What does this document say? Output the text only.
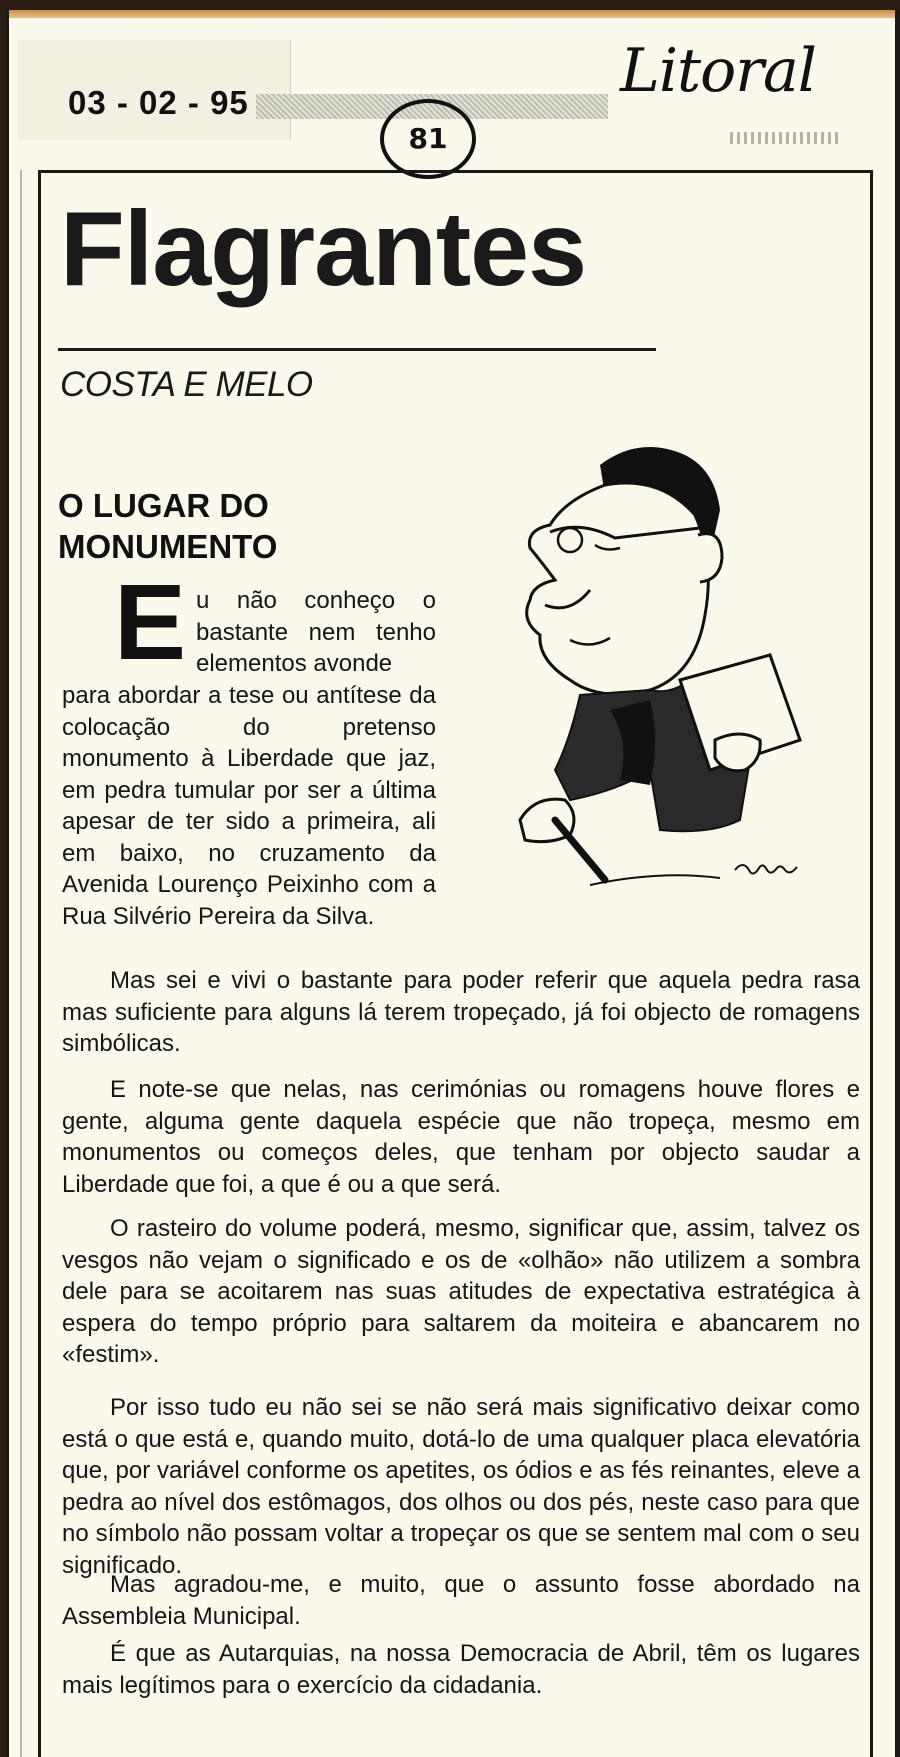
03 - 02 - 95
81
Litoral
Flagrantes
COSTA E MELO
O LUGAR DO MONUMENTO
E u não conheço o bastante nem tenho elementos avonde

para abordar a tese ou antítese da colocação do pretenso monumento à Liberdade que jaz, em pedra tumular por ser a última apesar de ter sido a primeira, ali em baixo, no cruzamento da Avenida Lourenço Peixinho com a Rua Silvério Pereira da Silva.

Mas sei e vivi o bastante para poder referir que aquela pedra rasa mas suficiente para alguns lá terem tropeçado, já foi objecto de romagens simbólicas.

E note-se que nelas, nas cerimónias ou romagens houve flores e gente, alguma gente daquela espécie que não tropeça, mesmo em monumentos ou começos deles, que tenham por objecto saudar a Liberdade que foi, a que é ou a que será.

O rasteiro do volume poderá, mesmo, significar que, assim, talvez os vesgos não vejam o significado e os de «olhão» não utilizem a sombra dele para se acoitarem nas suas atitudes de expectativa estratégica à espera do tempo próprio para saltarem da moiteira e abancarem no «festim».

Por isso tudo eu não sei se não será mais significativo deixar como está o que está e, quando muito, dotá-lo de uma qualquer placa elevatória que, por variável conforme os apetites, os ódios e as fés reinantes, eleve a pedra ao nível dos estômagos, dos olhos ou dos pés, neste caso para que no símbolo não possam voltar a tropeçar os que se sentem mal com o seu significado.

Mas agradou-me, e muito, que o assunto fosse abordado na Assembleia Municipal.

É que as Autarquias, na nossa Democracia de Abril, têm os lugares mais legítimos para o exercício da cidadania.
